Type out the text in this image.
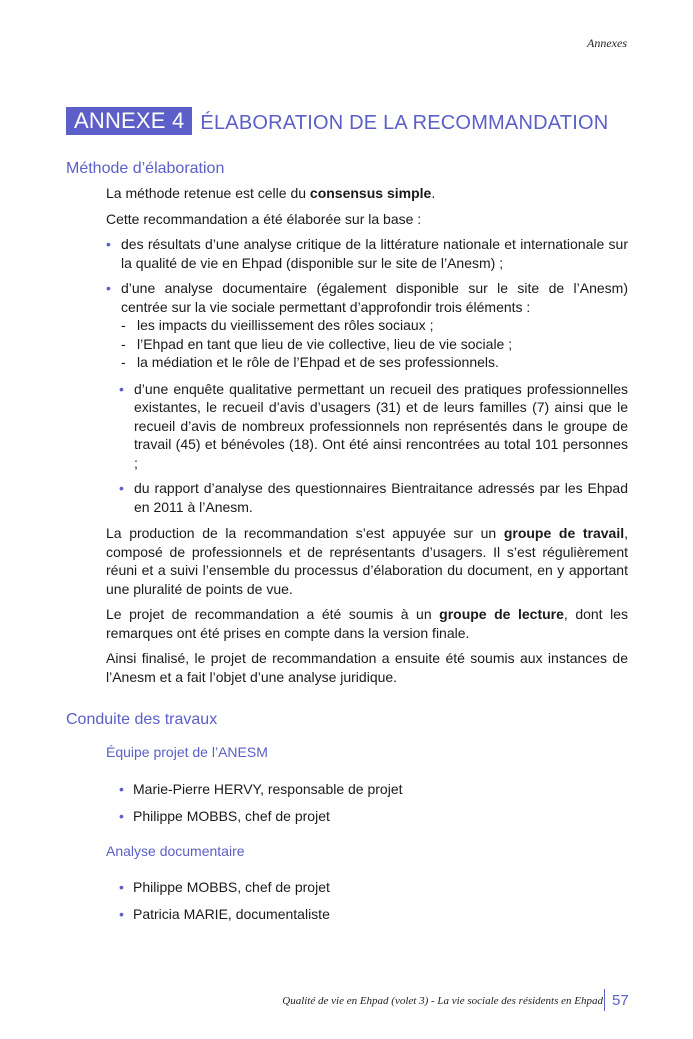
Annexes
ANNEXE 4 ÉLABORATION DE LA RECOMMANDATION
Méthode d’élaboration

La méthode retenue est celle du consensus simple.

Cette recommandation a été élaborée sur la base :

• des résultats d’une analyse critique de la littérature nationale et internationale sur la qualité de vie en Ehpad (disponible sur le site de l’Anesm) ;
• d’une analyse documentaire (également disponible sur le site de l’Anesm) centrée sur la vie sociale permettant d’approfondir trois éléments :
- les impacts du vieillissement des rôles sociaux ;
- l’Ehpad en tant que lieu de vie collective, lieu de vie sociale ;
- la médiation et le rôle de l’Ehpad et de ses professionnels.
• d’une enquête qualitative permettant un recueil des pratiques professionnelles existantes, le recueil d’avis d’usagers (31) et de leurs familles (7) ainsi que le recueil d’avis de nombreux professionnels non représentés dans le groupe de travail (45) et bénévoles (18). Ont été ainsi rencontrées au total 101 personnes ;
• du rapport d’analyse des questionnaires Bientraitance adressés par les Ehpad en 2011 à l’Anesm.

La production de la recommandation s’est appuyée sur un groupe de travail, composé de professionnels et de représentants d’usagers. Il s’est régulièrement réuni et a suivi l’ensemble du processus d’élaboration du document, en y apportant une pluralité de points de vue.

Le projet de recommandation a été soumis à un groupe de lecture, dont les remarques ont été prises en compte dans la version finale.

Ainsi finalisé, le projet de recommandation a ensuite été soumis aux instances de l’Anesm et a fait l’objet d’une analyse juridique.

Conduite des travaux
Équipe projet de l’ANESM
• Marie-Pierre HERVY, responsable de projet
• Philippe MOBBS, chef de projet
Analyse documentaire
• Philippe MOBBS, chef de projet
• Patricia MARIE, documentaliste
Qualité de vie en Ehpad (volet 3) - La vie sociale des résidents en Ehpad 57
